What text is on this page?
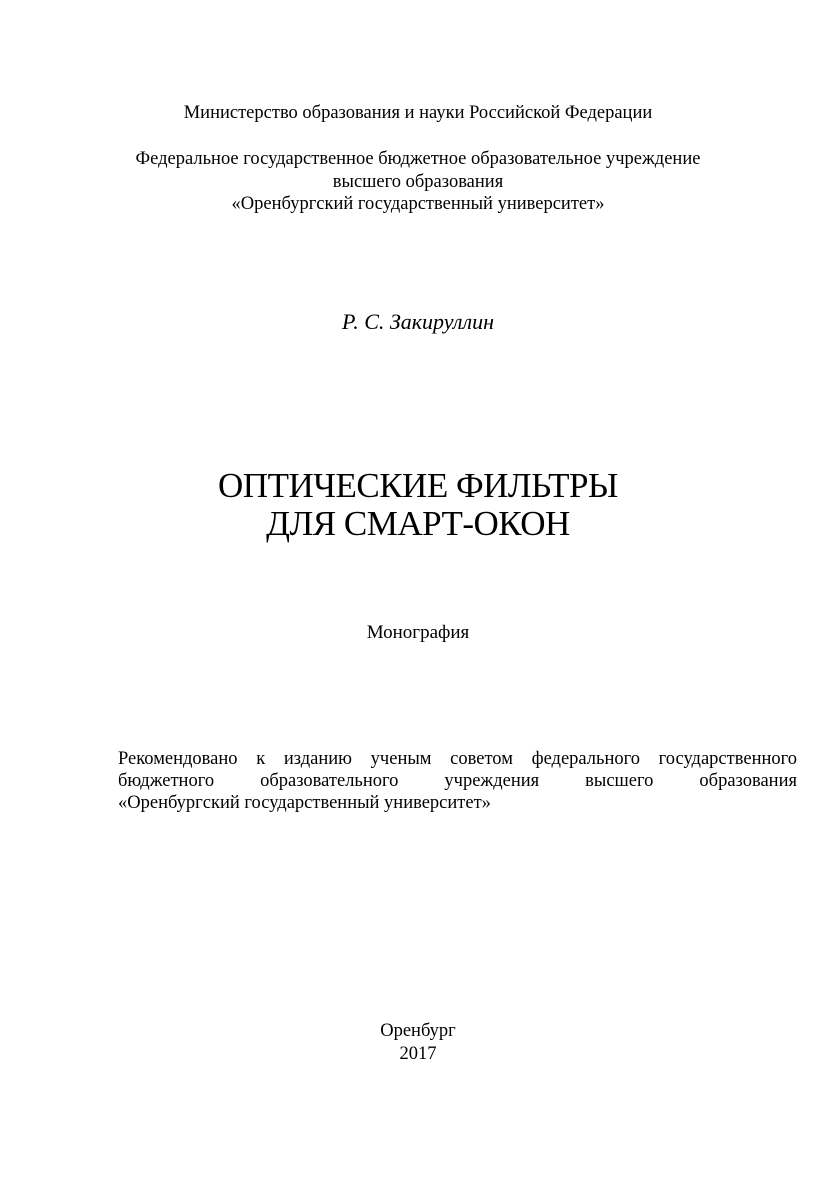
Министерство образования и науки Российской Федерации
Федеральное государственное бюджетное образовательное учреждение
высшего образования
«Оренбургский государственный университет»
Р. С. Закируллин
ОПТИЧЕСКИЕ ФИЛЬТРЫ
ДЛЯ СМАРТ-ОКОН
Монография
Рекомендовано к изданию ученым советом федерального государственного
бюджетного образовательного учреждения высшего образования
«Оренбургский государственный университет»
Оренбург
2017
